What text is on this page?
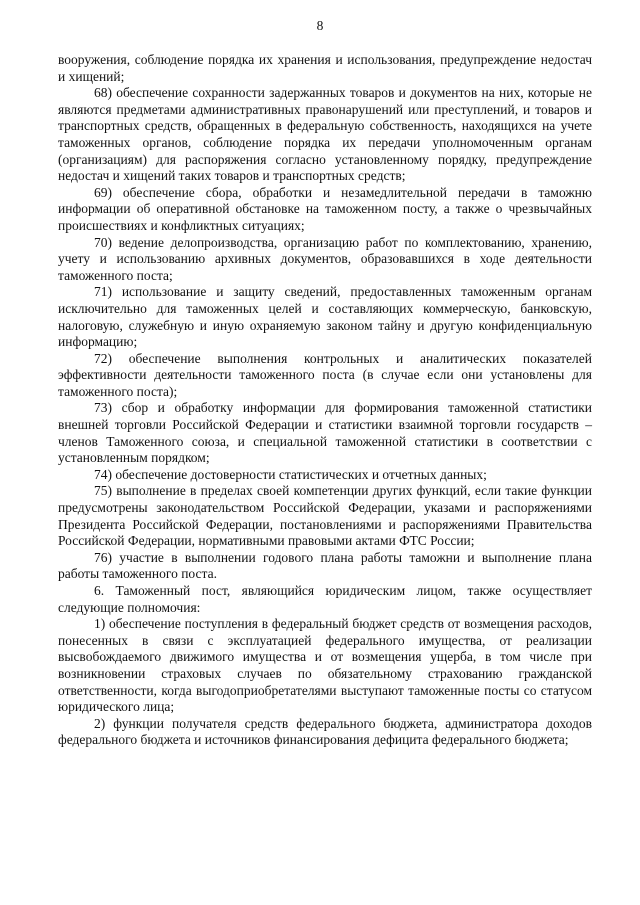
8

вооружения, соблюдение порядка их хранения и использования, предупреждение недостач и хищений;

68) обеспечение сохранности задержанных товаров и документов на них, которые не являются предметами административных правонарушений или преступлений, и товаров и транспортных средств, обращенных в федеральную собственность, находящихся на учете таможенных органов, соблюдение порядка их передачи уполномоченным органам (организациям) для распоряжения согласно установленному порядку, предупреждение недостач и хищений таких товаров и транспортных средств;

69) обеспечение сбора, обработки и незамедлительной передачи в таможню информации об оперативной обстановке на таможенном посту, а также о чрезвычайных происшествиях и конфликтных ситуациях;

70) ведение делопроизводства, организацию работ по комплектованию, хранению, учету и использованию архивных документов, образовавшихся в ходе деятельности таможенного поста;

71) использование и защиту сведений, предоставленных таможенным органам исключительно для таможенных целей и составляющих коммерческую, банковскую, налоговую, служебную и иную охраняемую законом тайну и другую конфиденциальную информацию;

72) обеспечение выполнения контрольных и аналитических показателей эффективности деятельности таможенного поста (в случае если они установлены для таможенного поста);

73) сбор и обработку информации для формирования таможенной статистики внешней торговли Российской Федерации и статистики взаимной торговли государств – членов Таможенного союза, и специальной таможенной статистики в соответствии с установленным порядком;

74) обеспечение достоверности статистических и отчетных данных;

75) выполнение в пределах своей компетенции других функций, если такие функции предусмотрены законодательством Российской Федерации, указами и распоряжениями Президента Российской Федерации, постановлениями и распоряжениями Правительства Российской Федерации, нормативными правовыми актами ФТС России;

76) участие в выполнении годового плана работы таможни и выполнение плана работы таможенного поста.

6. Таможенный пост, являющийся юридическим лицом, также осуществляет следующие полномочия:

1) обеспечение поступления в федеральный бюджет средств от возмещения расходов, понесенных в связи с эксплуатацией федерального имущества, от реализации высвобождаемого движимого имущества и от возмещения ущерба, в том числе при возникновении страховых случаев по обязательному страхованию гражданской ответственности, когда выгодоприобретателями выступают таможенные посты со статусом юридического лица;

2) функции получателя средств федерального бюджета, администратора доходов федерального бюджета и источников финансирования дефицита федерального бюджета;
